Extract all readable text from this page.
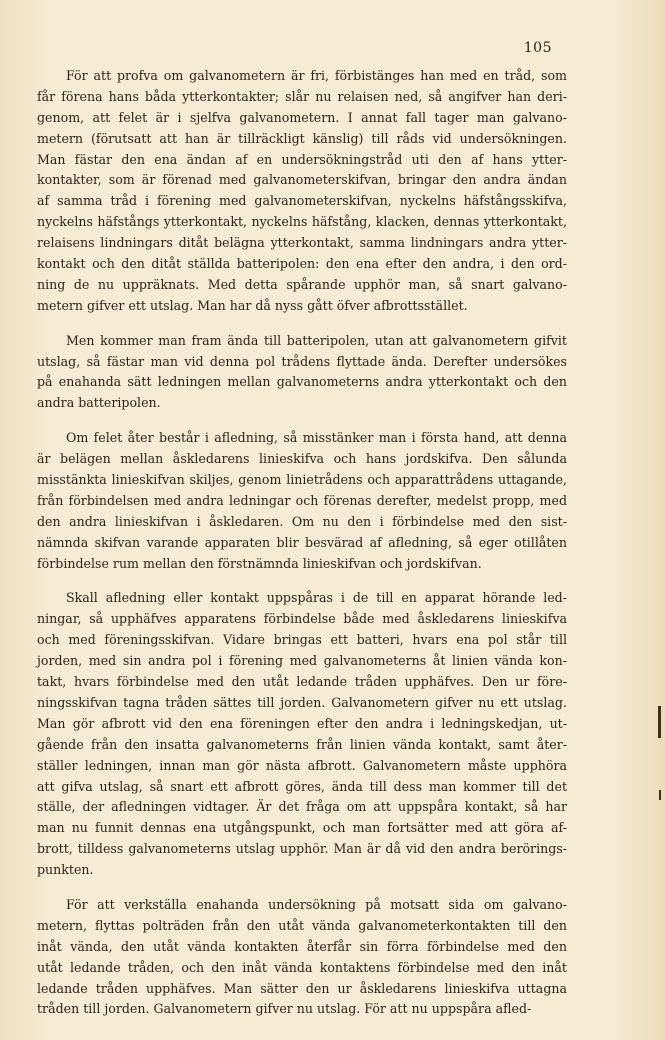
105

För att profva om galvanometern är fri, förbistänges han med en tråd, som
får förena hans båda ytterkontakter; slår nu relaisen ned, så angifver han deri-
genom, att felet är i sjelfva galvanometern. I annat fall tager man galvano-
metern (förutsatt att han är tillräckligt känslig) till råds vid undersökningen.
Man fästar den ena ändan af en undersökningstråd uti den af hans ytter-
kontakter, som är förenad med galvanometerskifvan, bringar den andra ändan
af samma tråd i förening med galvanometerskifvan, nyckelns häfstångsskifva,
nyckelns häfstångs ytterkontakt, nyckelns häfstång, klacken, dennas ytterkontakt,
relaisens lindningars ditåt belägna ytterkontakt, samma lindningars andra ytter-
kontakt och den ditåt ställda batteripolen: den ena efter den andra, i den ord-
ning de nu uppräknats. Med detta spårande upphör man, så snart galvano-
metern gifver ett utslag. Man har då nyss gått öfver afbrottsstället.

Men kommer man fram ända till batteripolen, utan att galvanometern gifvit
utslag, så fästar man vid denna pol trådens flyttade ända. Derefter undersökes
på enahanda sätt ledningen mellan galvanometerns andra ytterkontakt och den
andra batteripolen.

Om felet åter består i afledning, så misstänker man i första hand, att denna
är belägen mellan åskledarens linieskifva och hans jordskifva. Den sålunda
misstänkta linieskifvan skiljes, genom linietrådens och apparattrådens uttagande,
från förbindelsen med andra ledningar och förenas derefter, medelst propp, med
den andra linieskifvan i åskledaren. Om nu den i förbindelse med den sist-
nämnda skifvan varande apparaten blir besvärad af afledning, så eger otillåten
förbindelse rum mellan den förstnämnda linieskifvan och jordskifvan.

Skall afledning eller kontakt uppspåras i de till en apparat hörande led-
ningar, så upphäfves apparatens förbindelse både med åskledarens linieskifva
och med föreningsskifvan. Vidare bringas ett batteri, hvars ena pol står till
jorden, med sin andra pol i förening med galvanometerns åt linien vända kon-
takt, hvars förbindelse med den utåt ledande tråden upphäfves. Den ur före-
ningsskifvan tagna tråden sättes till jorden. Galvanometern gifver nu ett utslag.
Man gör afbrott vid den ena föreningen efter den andra i ledningskedjan, ut-
gående från den insatta galvanometerns från linien vända kontakt, samt åter-
ställer ledningen, innan man gör nästa afbrott. Galvanometern måste upphöra
att gifva utslag, så snart ett afbrott göres, ända till dess man kommer till det
ställe, der afledningen vidtager. Är det fråga om att uppspåra kontakt, så har
man nu funnit dennas ena utgångspunkt, och man fortsätter med att göra af-
brott, tilldess galvanometerns utslag upphör. Man är då vid den andra berörings-
punkten.

För att verkställa enahanda undersökning på motsatt sida om galvano-
metern, flyttas polträden från den utåt vända galvanometerkontakten till den
inåt vända, den utåt vända kontakten återfår sin förra förbindelse med den
utåt ledande tråden, och den inåt vända kontaktens förbindelse med den inåt
ledande tråden upphäfves. Man sätter den ur åskledarens linieskifva uttagna
tråden till jorden. Galvanometern gifver nu utslag. För att nu uppspåra afled-
